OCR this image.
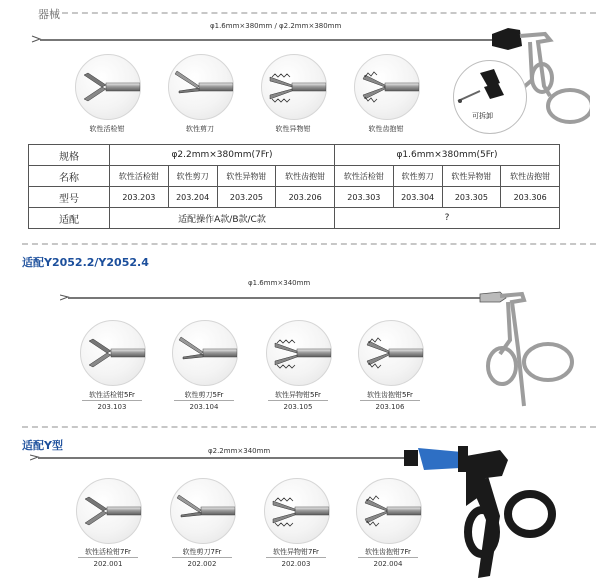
器械
φ1.6mm×380mm / φ2.2mm×380mm
可拆卸
软性活检钳	软性剪刀	软性异物钳	软性齿抱钳
规格	φ2.2mm×380mm(7Fr)				φ1.6mm×380mm(5Fr)			
名称	软性活检钳	软性剪刀	软性异物钳	软性齿抱钳	软性活检钳	软性剪刀	软性异物钳	软性齿抱钳
型号	203.203	203.204	203.205	203.206	203.303	203.304	203.305	203.306
适配	适配操作A款/B款/C款				?			
适配Y2052.2/Y2052.4
φ1.6mm×340mm
软性活检钳5Fr	软性剪刀5Fr	软性异物钳5Fr	软性齿抱钳5Fr
203.103	203.104	203.105	203.106
适配Y型	φ2.2mm×340mm
软性活检钳7Fr	软性剪刀7Fr	软性异物钳7Fr	软性齿抱钳7Fr
202.001	202.002	202.003	202.004
